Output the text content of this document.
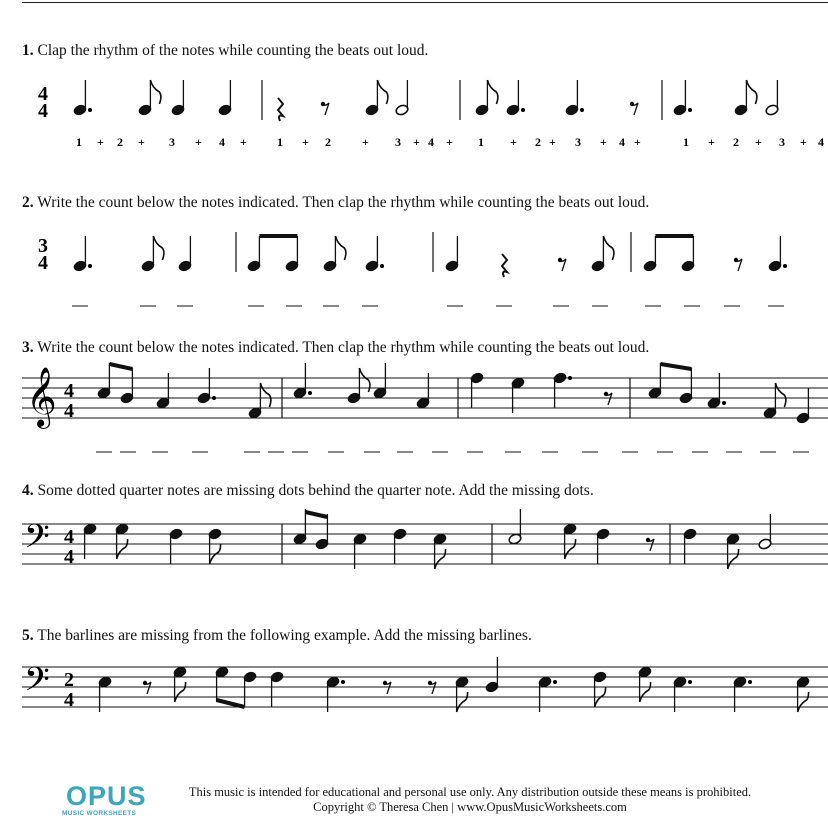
1. Clap the rhythm of the notes while counting the beats out loud.
2. Write the count below the notes indicated. Then clap the rhythm while counting the beats out loud.
3. Write the count below the notes indicated. Then clap the rhythm while counting the beats out loud.
4. Some dotted quarter notes are missing dots behind the quarter note. Add the missing dots.
5. The barlines are missing from the following example. Add the missing barlines.
4
4
1 + 2 + 3 + 4 +	1 + 2	+ 3 + 4 + 1 + 2 + 3 + 4 +	1 + 2 + 3 + 4
3
4
𝄞 4
4
𝄢 4
4
𝄢 2
4
OPUS
MUSIC WORKSHEETS
This music is intended for educational and personal use only. Any distribution outside these means is prohibited.
Copyright © Theresa Chen | www.OpusMusicWorksheets.com
